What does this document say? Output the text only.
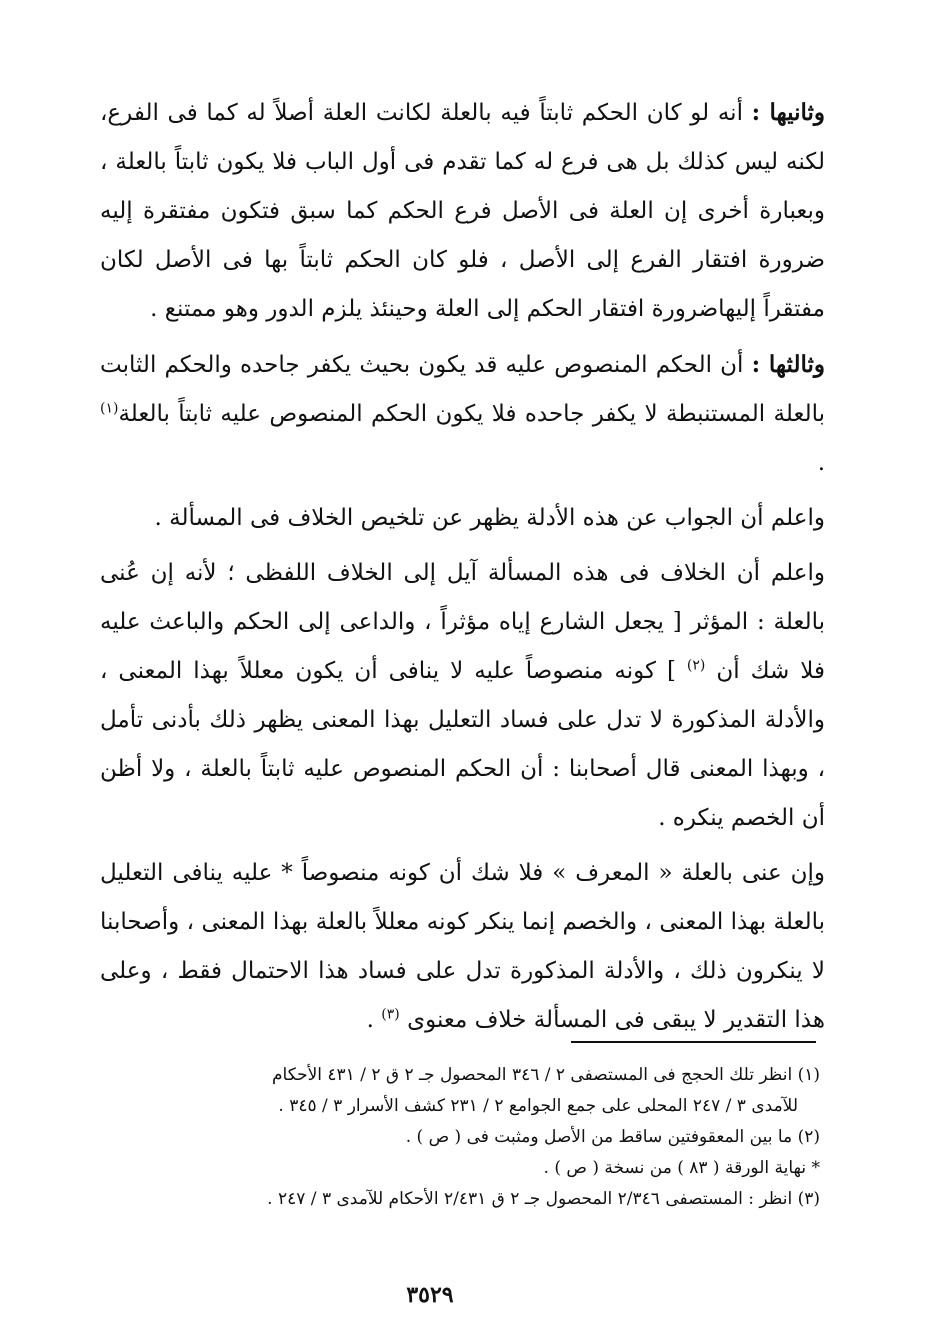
وثانيها : أنه لو كان الحكم ثابتاً فيه بالعلة لكانت العلة أصلاً له كما فى الفرع، لكنه ليس كذلك بل هى فرع له كما تقدم فى أول الباب فلا يكون ثابتاً بالعلة ، وبعبارة أخرى إن العلة فى الأصل فرع الحكم كما سبق فتكون مفتقرة إليه ضرورة افتقار الفرع إلى الأصل ، فلو كان الحكم ثابتاً بها فى الأصل لكان مفتقراً إليهاضرورة افتقار الحكم إلى العلة وحينئذ يلزم الدور وهو ممتنع .

وثالثها : أن الحكم المنصوص عليه قد يكون بحيث يكفر جاحده والحكم الثابت بالعلة المستنبطة لا يكفر جاحده فلا يكون الحكم المنصوص عليه ثابتاً بالعلة$^{(١)}$ .

واعلم أن الجواب عن هذه الأدلة يظهر عن تلخيص الخلاف فى المسألة .

واعلم أن الخلاف فى هذه المسألة آيل إلى الخلاف اللفظى ؛ لأنه إن عُنى بالعلة : المؤثر [ يجعل الشارع إياه مؤثراً ، والداعى إلى الحكم والباعث عليه فلا شك أن $^{(٢)}$ ] كونه منصوصاً عليه لا ينافى أن يكون معللاً بهذا المعنى ، والأدلة المذكورة لا تدل على فساد التعليل بهذا المعنى يظهر ذلك بأدنى تأمل ، وبهذا المعنى قال أصحابنا : أن الحكم المنصوص عليه ثابتاً بالعلة ، ولا أظن أن الخصم ينكره .

وإن عنى بالعلة « المعرف » فلا شك أن كونه منصوصاً * عليه ينافى التعليل بالعلة بهذا المعنى ، والخصم إنما ينكر كونه معللاً بالعلة بهذا المعنى ، وأصحابنا لا ينكرون ذلك ، والأدلة المذكورة تدل على فساد هذا الاحتمال فقط ، وعلى هذا التقدير لا يبقى فى المسألة خلاف معنوى $^{(٣)}$ .

(١) انظر تلك الحجج فى المستصفى ٢ / ٣٤٦ المحصول جـ ٢ ق ٢ / ٤٣١ الأحكام

للآمدى ٣ / ٢٤٧ المحلى على جمع الجوامع ٢ / ٢٣١ كشف الأسرار ٣ / ٣٤٥ .

(٢) ما بين المعقوفتين ساقط من الأصل ومثبت فى ( ص ) .

* نهاية الورقة ( ٨٣ ) من نسخة ( ص ) .

(٣) انظر : المستصفى ٢/٣٤٦ المحصول جـ ٢ ق ٢/٤٣١ الأحكام للآمدى ٣ / ٢٤٧ .

٣٥٢٩
